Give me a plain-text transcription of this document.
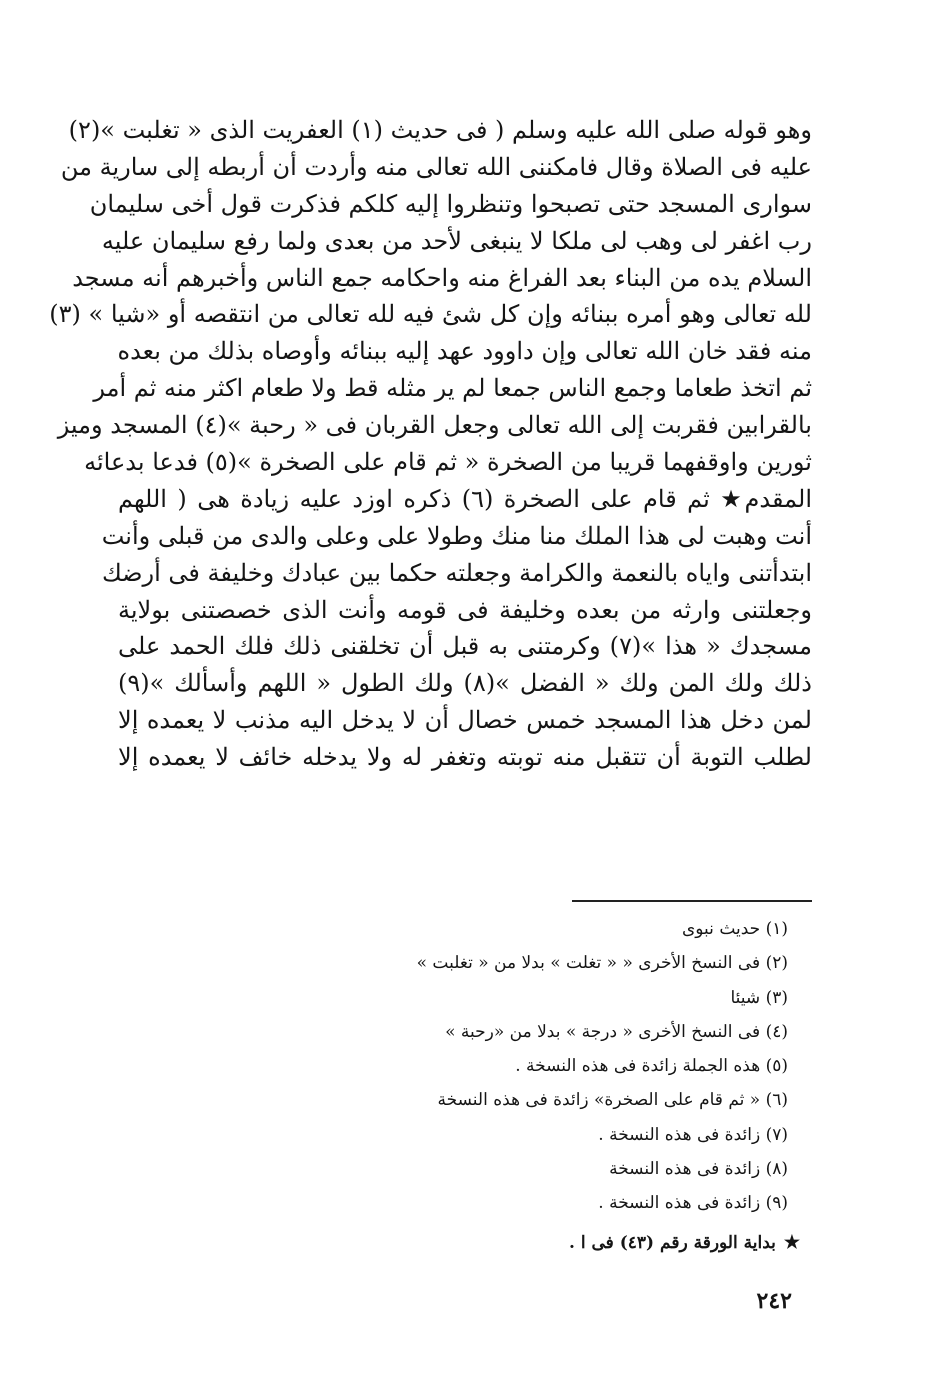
وهو قوله صلى الله عليه وسلم ( فى حديث (١) العفريت الذى « تغلبت »(٢)
عليه فى الصلاة وقال فامكننى الله تعالى منه وأردت أن أربطه إلى سارية من
سوارى المسجد حتى تصبحوا وتنظروا إليه كلكم فذكرت قول أخى سليمان
رب اغفر لى وهب لى ملكا لا ينبغى لأحد من بعدى ولما رفع سليمان عليه
السلام يده من البناء بعد الفراغ منه واحكامه جمع الناس وأخبرهم أنه مسجد
لله تعالى وهو أمره ببنائه وإن كل شئ فيه لله تعالى من انتقصه أو «شيا » (٣)
منه فقد خان الله تعالى وإن داوود عهد إليه ببنائه وأوصاه بذلك من بعده
ثم اتخذ طعاما وجمع الناس جمعا لم ير مثله قط ولا طعام اكثر منه ثم أمر
بالقرابين فقربت إلى الله تعالى وجعل القربان فى « رحبة »(٤) المسجد وميز
ثورين واوقفهما قريبا من الصخرة « ثم قام على الصخرة »(٥) فدعا بدعائه
المقدم★ ثم قام على الصخرة (٦) ذكره اوزد عليه زيادة هى ( اللهم
أنت وهبت لى هذا الملك منا منك وطولا على وعلى والدى من قبلى وأنت
ابتدأتنى واياه بالنعمة والكرامة وجعلته حكما بين عبادك وخليفة فى أرضك
وجعلتنى وارثه من بعده وخليفة فى قومه وأنت الذى خصصتنى بولاية
مسجدك « هذا »(٧) وكرمتنى به قبل أن تخلقنى ذلك فلك الحمد على
ذلك ولك المن ولك « الفضل »(٨) ولك الطول « اللهم وأسألك »(٩)
لمن دخل هذا المسجد خمس خصال أن لا يدخل اليه مذنب لا يعمده إلا
لطلب التوبة أن تتقبل منه توبته وتغفر له ولا يدخله خائف لا يعمده إلا
(١) حديث نبوى
(٢) فى النسخ الأخرى « « تغلت » بدلا من « تغلبت »
(٣) شيئا
(٤) فى النسخ الأخرى « درجة » بدلا من «رحبة »
(٥) هذه الجملة زائدة فى هذه النسخة .
(٦) « ثم قام على الصخرة» زائدة فى هذه النسخة
(٧) زائدة فى هذه النسخة .
(٨) زائدة فى هذه النسخة
(٩) زائدة فى هذه النسخة .
★بداية الورقة رقم (٤٣) فى ا .
٢٤٢
